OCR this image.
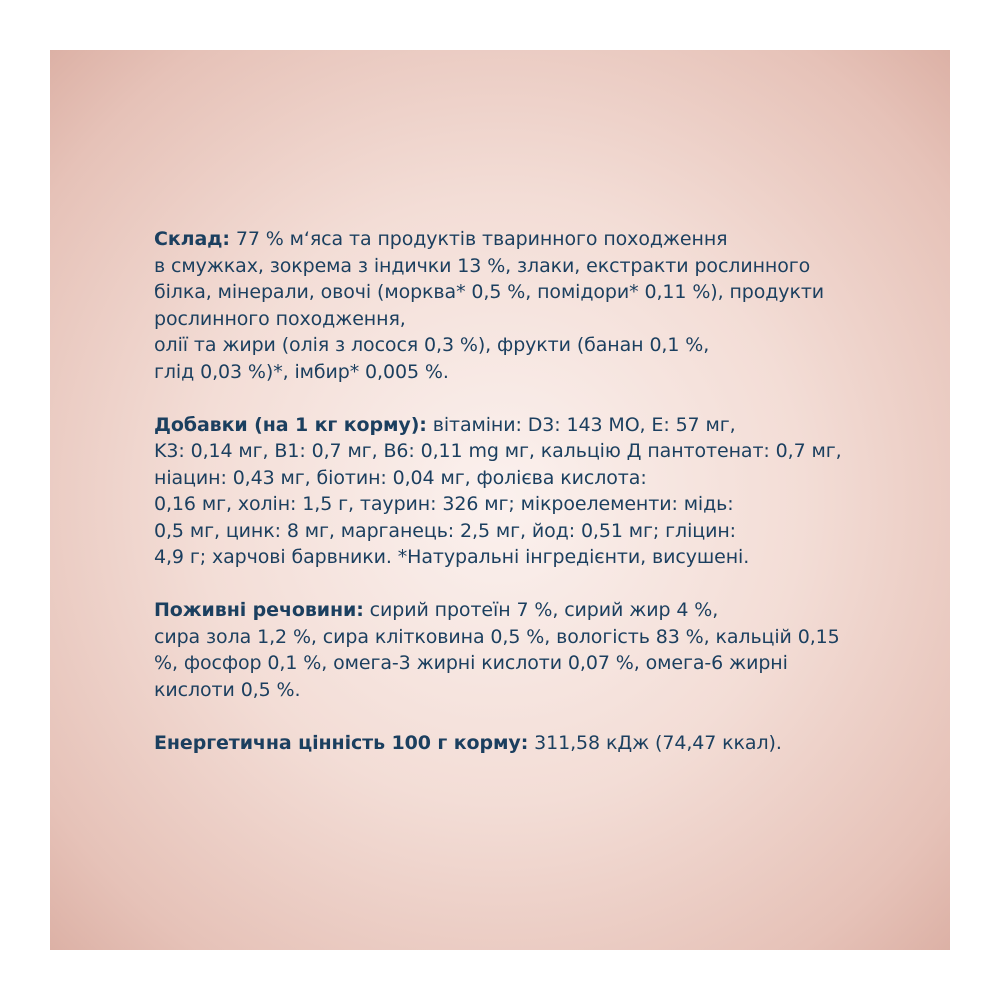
Склад: 77 % м‘яса та продуктів тваринного походження
в смужках, зокрема з індички 13 %, злаки, екстракти рослинного
білка, мінерали, овочі (морква* 0,5 %, помідори* 0,11 %), продукти
рослинного походження,
олії та жири (олія з лосося 0,3 %), фрукти (банан 0,1 %,
глід 0,03 %)*, імбир* 0,005 %.
Добавки (на 1 кг корму): вітаміни: D3: 143 МО, E: 57 мг,
K3: 0,14 мг, B1: 0,7 мг, B6: 0,11 mg мг, кальцію Д пантотенат: 0,7 мг,
ніацин: 0,43 мг, біотин: 0,04 мг, фолієва кислота:
0,16 мг, холін: 1,5 г, таурин: 326 мг; мікроелементи: мідь:
0,5 мг, цинк: 8 мг, марганець: 2,5 мг, йод: 0,51 мг; гліцин:
4,9 г; харчові барвники. *Натуральні інгредієнти, висушені.
Поживні речовини: сирий протеїн 7 %, сирий жир 4 %,
сира зола 1,2 %, сира клітковина 0,5 %, вологість 83 %, кальцій 0,15
%, фосфор 0,1 %, омега-3 жирні кислоти 0,07 %, омега-6 жирні
кислоти 0,5 %.
Енергетична цінність 100 г корму: 311,58 кДж (74,47 ккал).
